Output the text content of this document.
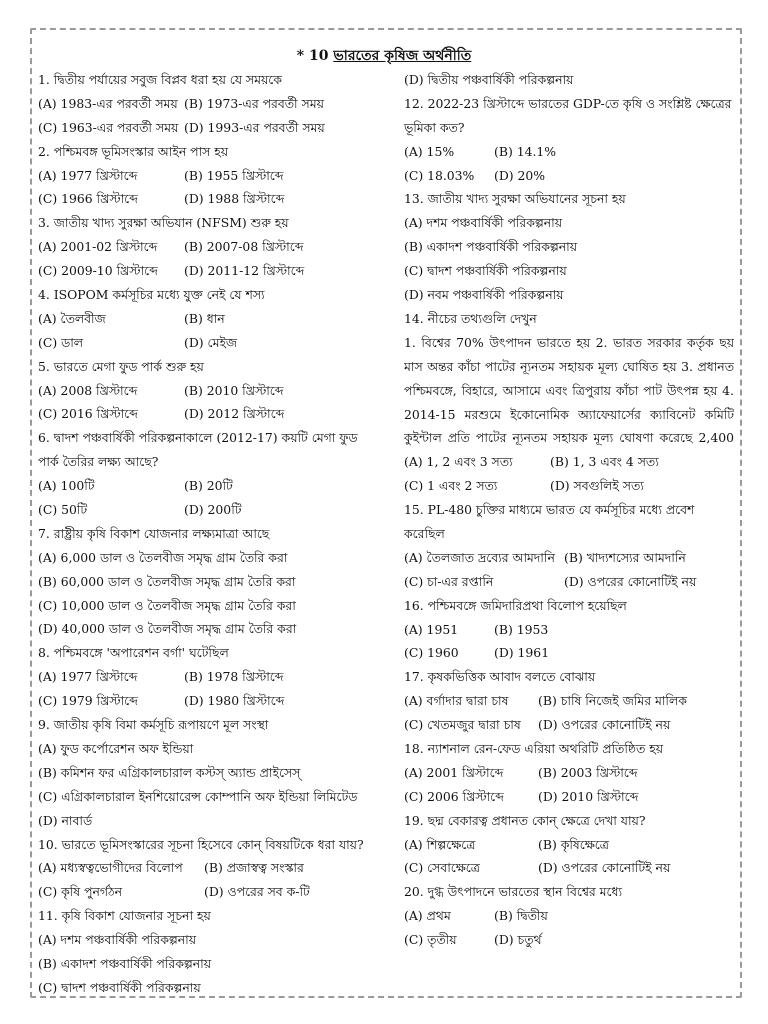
* 10 ভারতের কৃষিজ অর্থনীতি
1. দ্বিতীয় পর্যায়ের সবুজ বিপ্লব ধরা হয় যে সময়কে
(A) 1983-এর পরবর্তী সময় (B) 1973-এর পরবর্তী সময়
(C) 1963-এর পরবর্তী সময় (D) 1993-এর পরবর্তী সময়
2. পশ্চিমবঙ্গ ভূমিসংস্কার আইন পাস হয়
(A) 1977 খ্রিস্টাব্দে	(B) 1955 খ্রিস্টাব্দে
(C) 1966 খ্রিস্টাব্দে	(D) 1988 খ্রিস্টাব্দে
3. জাতীয় খাদ্য সুরক্ষা অভিযান (NFSM) শুরু হয়
(A) 2001-02 খ্রিস্টাব্দে	(B) 2007-08 খ্রিস্টাব্দে
(C) 2009-10 খ্রিস্টাব্দে	(D) 2011-12 খ্রিস্টাব্দে
4. ISOPOM কর্মসূচির মধ্যে যুক্ত নেই যে শস্য
(A) তৈলবীজ	(B) ধান
(C) ডাল	(D) মেইজ
5. ভারতে মেগা ফুড পার্ক শুরু হয়
(A) 2008 খ্রিস্টাব্দে	(B) 2010 খ্রিস্টাব্দে
(C) 2016 খ্রিস্টাব্দে	(D) 2012 খ্রিস্টাব্দে
6. দ্বাদশ পঞ্চবার্ষিকী পরিকল্পনাকালে (2012-17) কয়টি মেগা ফুড
পার্ক তৈরির লক্ষ্য আছে?
(A) 100টি	(B) 20টি
(C) 50টি	(D) 200টি
7. রাষ্ট্রীয় কৃষি বিকাশ যোজনার লক্ষ্যমাত্রা আছে
(A) 6,000 ডাল ও তৈলবীজ সমৃদ্ধ গ্রাম তৈরি করা
(B) 60,000 ডাল ও তৈলবীজ সমৃদ্ধ গ্রাম তৈরি করা
(C) 10,000 ডাল ও তৈলবীজ সমৃদ্ধ গ্রাম তৈরি করা
(D) 40,000 ডাল ও তৈলবীজ সমৃদ্ধ গ্রাম তৈরি করা
8. পশ্চিমবঙ্গে 'অপারেশন বর্গা' ঘটেছিল
(A) 1977 খ্রিস্টাব্দে	(B) 1978 খ্রিস্টাব্দে
(C) 1979 খ্রিস্টাব্দে	(D) 1980 খ্রিস্টাব্দে
9. জাতীয় কৃষি বিমা কর্মসূচি রূপায়ণে মূল সংস্থা
(A) ফুড কর্পোরেশন অফ ইন্ডিয়া
(B) কমিশন ফর এগ্রিকালচারাল কস্টস্ অ্যান্ড প্রাইসেস্
(C) এগ্রিকালচারাল ইনশিয়োরেন্স কোম্পানি অফ ইন্ডিয়া লিমিটেড
(D) নাবার্ড
10. ভারতে ভূমিসংস্কারের সূচনা হিসেবে কোন্ বিষয়টিকে ধরা যায়?
(A) মধ্যস্বত্বভোগীদের বিলোপ	(B) প্রজাস্বত্ব সংস্কার
(C) কৃষি পুনর্গঠন	(D) ওপরের সব ক-টি
11. কৃষি বিকাশ যোজনার সূচনা হয়
(A) দশম পঞ্চবার্ষিকী পরিকল্পনায়
(B) একাদশ পঞ্চবার্ষিকী পরিকল্পনায়
(C) দ্বাদশ পঞ্চবার্ষিকী পরিকল্পনায়
(D) দ্বিতীয় পঞ্চবার্ষিকী পরিকল্পনায়
12. 2022-23 খ্রিস্টাব্দে ভারতের GDP-তে কৃষি ও সংশ্লিষ্ট ক্ষেত্রের
ভূমিকা কত?
(A) 15%	(B) 14.1%
(C) 18.03%	(D) 20%
13. জাতীয় খাদ্য সুরক্ষা অভিযানের সূচনা হয়
(A) দশম পঞ্চবার্ষিকী পরিকল্পনায়
(B) একাদশ পঞ্চবার্ষিকী পরিকল্পনায়
(C) দ্বাদশ পঞ্চবার্ষিকী পরিকল্পনায়
(D) নবম পঞ্চবার্ষিকী পরিকল্পনায়
14. নীচের তথ্যগুলি দেখুন
1. বিশ্বের 70% উৎপাদন ভারতে হয় 2. ভারত সরকার কর্তৃক ছয় মাস অন্তর কাঁচা পাটের ন্যূনতম সহায়ক মূল্য ঘোষিত হয় 3. প্রধানত পশ্চিমবঙ্গে, বিহারে, আসামে এবং ত্রিপুরায় কাঁচা পাট উৎপন্ন হয় 4. 2014-15 মরশুমে ইকোনোমিক অ্যাফেয়ার্সের ক্যাবিনেট কমিটি কুইন্টাল প্রতি পাটের ন্যূনতম সহায়ক মূল্য ঘোষণা করেছে 2,400
(A) 1, 2 এবং 3 সত্য	(B) 1, 3 এবং 4 সত্য
(C) 1 এবং 2 সত্য	(D) সবগুলিই সত্য
15. PL-480 চুক্তির মাধ্যমে ভারত যে কর্মসূচির মধ্যে প্রবেশ
করেছিল
(A) তৈলজাত দ্রব্যের আমদানি (B) খাদ্যশস্যের আমদানি
(C) চা-এর রপ্তানি	(D) ওপরের কোনোটিই নয়
16. পশ্চিমবঙ্গে জমিদারিপ্রথা বিলোপ হয়েছিল
(A) 1951	(B) 1953
(C) 1960	(D) 1961
17. কৃষকভিত্তিক আবাদ বলতে বোঝায়
(A) বর্গাদার দ্বারা চাষ	(B) চাষি নিজেই জমির মালিক
(C) খেতমজুর দ্বারা চাষ	(D) ওপরের কোনোটিই নয়
18. ন্যাশনাল রেন-ফেড এরিয়া অথরিটি প্রতিষ্ঠিত হয়
(A) 2001 খ্রিস্টাব্দে	(B) 2003 খ্রিস্টাব্দে
(C) 2006 খ্রিস্টাব্দে	(D) 2010 খ্রিস্টাব্দে
19. ছদ্ম বেকারত্ব প্রধানত কোন্ ক্ষেত্রে দেখা যায়?
(A) শিল্পক্ষেত্রে	(B) কৃষিক্ষেত্রে
(C) সেবাক্ষেত্রে	(D) ওপরের কোনোটিই নয়
20. দুগ্ধ উৎপাদনে ভারতের স্থান বিশ্বের মধ্যে
(A) প্রথম	(B) দ্বিতীয়
(C) তৃতীয়	(D) চতুর্থ
